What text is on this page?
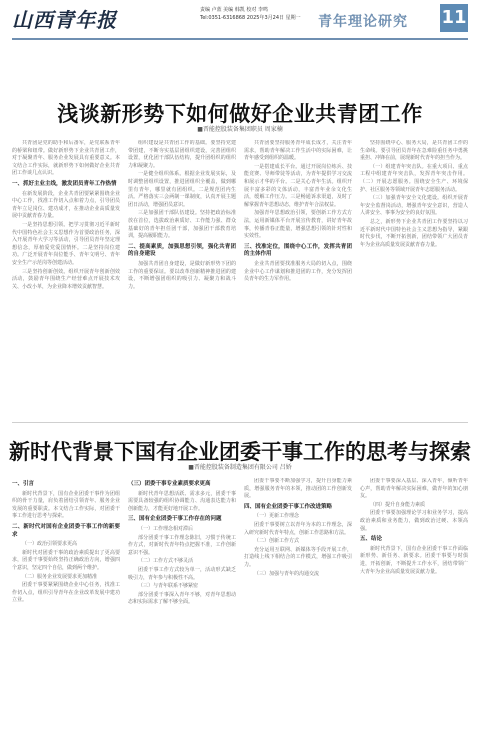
山西青年报	责编 卢蓝 美编 韩凯 校对 李鸣
Tel:0351-6316868 2025年3月24日 星期一	青年理论研究 11
浅谈新形势下如何做好企业共青团工作
■晋能控股装备集团职员 周家楠

共青团是党的助手和后备军，是党联系青年的桥梁和纽带。做好新形势下企业共青团工作，对于凝聚青年、服务企业发展具有重要意义。本文结合工作实际，就新形势下如何做好企业共青团工作谈几点认识。

一、抓好主业主线，激发团员青年工作热情

在新发展阶段，企业共青团要紧紧围绕企业中心工作，找准工作切入点和着力点，引导团员青年立足岗位、建功成才，在推动企业高质量发展中贡献青春力量。

一是坚持思想引领。把学习贯彻习近平新时代中国特色社会主义思想作为首要政治任务，深入开展青年大学习等活动，引导团员青年坚定理想信念，厚植爱党爱国情怀。二是坚持岗位建功。广泛开展青年岗位能手、青年文明号、青年安全生产示范岗等创建活动。

三是坚持创新创效。组织开展青年创新创效活动，鼓励青年围绕生产经营难点开展技术攻关、小改小革，为企业降本增效贡献智慧。

组织建设是共青团工作的基础。要坚持党建带团建，不断夯实基层团组织建设，完善团组织设置，优化团干部队伍结构，提升团组织的组织力和凝聚力。

一是健全组织体系。根据企业发展实际，及时调整团组织设置，推进团组织全覆盖，做到哪里有青年，哪里就有团组织。二是规范团内生活。严格落实三会两制一课制度，认真开展主题团日活动，增强团员意识。

三是加强团干部队伍建设。坚持把政治标准放在首位，选拔政治素质好、工作能力强、群众基础好的青年担任团干部，加强团干部教育培训，提高履职能力。

二、提高素质，加强思想引领，强化共青团的自身建设

加强共青团自身建设，是做好新形势下团的工作的重要保证。要以改革创新精神推进团的建设，不断增强团组织的吸引力、凝聚力和战斗力。

共青团要坚持服务青年成长成才，关注青年需求，帮助青年解决工作生活中的实际困难，让青年感受到组织的温暖。

一是搭建成长平台。通过开展岗位练兵、技能竞赛、导师带徒等活动，为青年提供学习交流和展示才华的平台。二是关心青年生活。组织开展丰富多彩的文体活动，丰富青年业余文化生活，缓解工作压力。三是畅通诉求渠道，及时了解掌握青年思想动态，维护青年合法权益。

加强青年思想政治引领，要创新工作方式方法，运用新媒体平台开展宣传教育，讲好青年故事，传播青春正能量，增强思想引领的针对性和实效性。

三、找准定位，围绕中心工作，发挥共青团的主体作用

企业共青团要找准服务大局的切入点，围绕企业中心工作谋划和推进团的工作，充分发挥团员青年的生力军作用。

坚持围绕中心、服务大局，是共青团工作的生命线。要引导团员青年在急难险重任务中勇挑重担、冲锋在前，展现新时代青年的担当作为。

（一）组建青年突击队。在重大项目、重点工程中组建青年突击队，发挥青年突击作用。（二）开展志愿服务。围绕安全生产、环境保护、社区服务等领域开展青年志愿服务活动。

（三）加强青年安全文化建设。组织开展青年安全监督岗活动，增强青年安全意识，营造人人讲安全、事事为安全的良好氛围。

总之，新形势下企业共青团工作要坚持以习近平新时代中国特色社会主义思想为指导，紧跟时代步伐，不断开拓创新，团结带领广大团员青年为企业高质量发展贡献青春力量。

新时代背景下国有企业团委干事工作的思考与探索
■晋能控股装备制造集团有限公司 吕娇

一、引言

新时代背景下，国有企业团委干事作为团组织的骨干力量，肩负着团结引领青年、服务企业发展的重要职责。本文结合工作实际，对团委干事工作进行思考与探索。

二、新时代对国有企业团委干事工作的新要求

（一）政治引领要求更高

新时代对团委干事的政治素质提出了更高要求，团委干事要始终坚持正确政治方向，增强四个意识，坚定四个自信，做到两个维护。

（二）服务企业发展要求更加精准

团委干事要紧紧围绕企业中心任务，找准工作切入点，组织引导青年在企业改革发展中建功立业。

（三）团委干事专业素质要求更高

新时代青年思想活跃、需求多元，团委干事需要具备较强的组织协调能力、沟通表达能力和创新能力，才能更好地开展工作。

三、国有企业团委干事工作存在的问题

（一）工作理念相对滞后

部分团委干事工作理念陈旧，习惯于传统工作方式，对新时代青年特点把握不准，工作创新意识不强。

（二）工作方式不够灵活

团委干事工作方式较为单一，活动形式缺乏吸引力，青年参与积极性不高。

（三）与青年联系不够紧密

部分团委干事深入青年不够，对青年思想动态和实际需求了解不够全面。

团委干事要不断加强学习，提升自身能力素质，增强服务青年的本领，推动团的工作创新发展。

四、国有企业团委干事工作改进策略

（一）更新工作理念

团委干事要树立以青年为本的工作理念，深入研究新时代青年特点，创新工作思路和方法。

（二）创新工作方式

充分运用互联网、新媒体等手段开展工作，打造线上线下相结合的工作模式，增强工作吸引力。

（三）加强与青年的沟通交流

团委干事要深入基层、深入青年，倾听青年心声，帮助青年解决实际困难，做青年的知心朋友。

（四）提升自身能力素质

团委干事要加强理论学习和业务学习，提高政治素质和业务能力，做到政治过硬、本领高强。

五、结论

新时代背景下，国有企业团委干事工作面临新形势、新任务、新要求。团委干事要与时俱进，开拓创新，不断提升工作水平，团结带领广大青年为企业高质量发展贡献力量。
